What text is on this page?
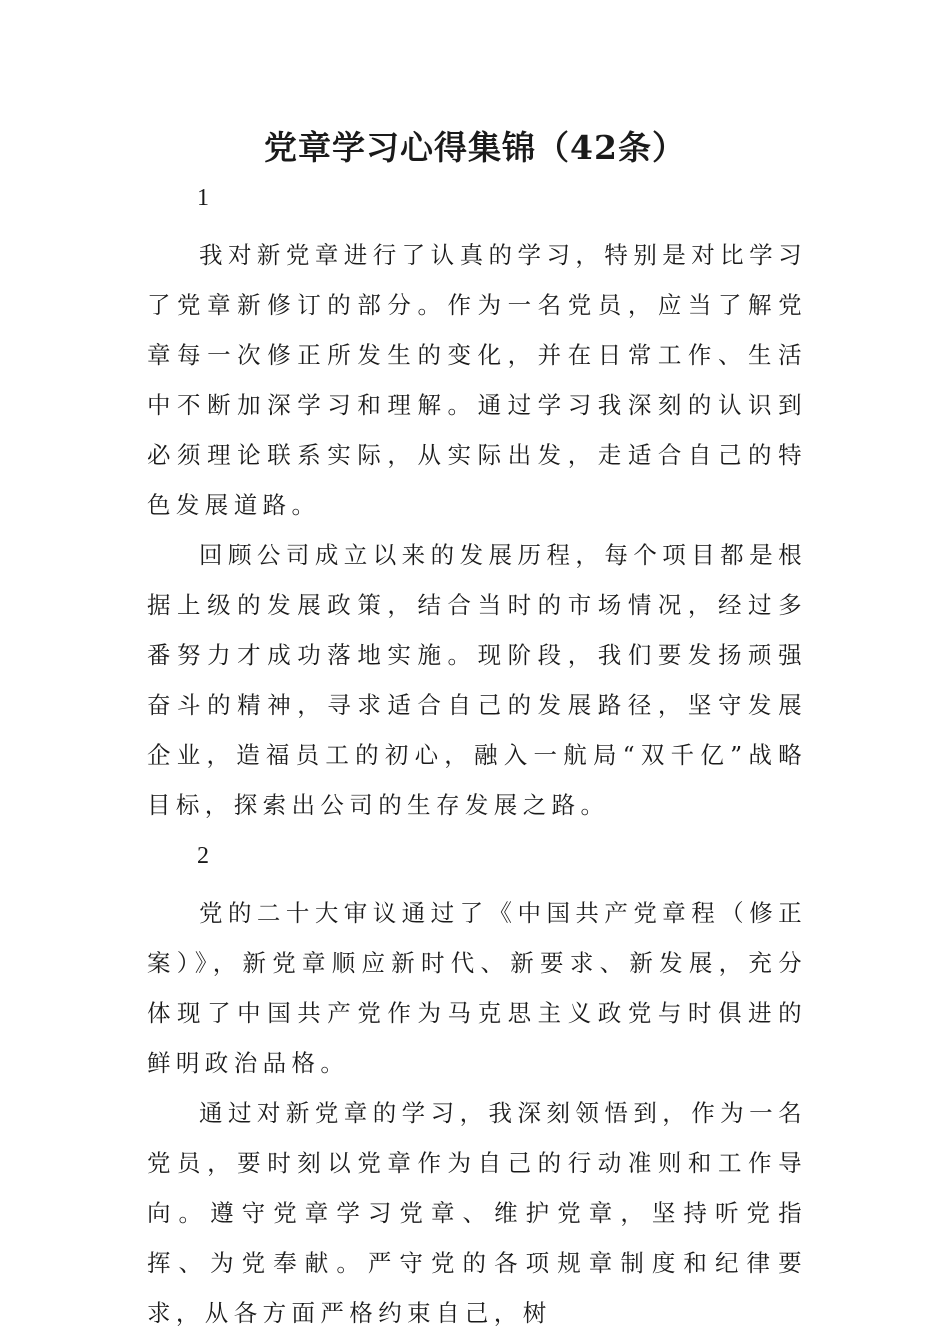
党章学习心得集锦（42条）
1

我对新党章进行了认真的学习，特别是对比学习了党章新修订的部分。作为一名党员，应当了解党章每一次修正所发生的变化，并在日常工作、生活中不断加深学习和理解。通过学习我深刻的认识到必须理论联系实际，从实际出发，走适合自己的特色发展道路。

回顾公司成立以来的发展历程，每个项目都是根据上级的发展政策，结合当时的市场情况，经过多番努力才成功落地实施。现阶段，我们要发扬顽强奋斗的精神，寻求适合自己的发展路径，坚守发展企业，造福员工的初心，融入一航局“双千亿”战略目标，探索出公司的生存发展之路。

2

党的二十大审议通过了《中国共产党章程（修正案）》，新党章顺应新时代、新要求、新发展，充分体现了中国共产党作为马克思主义政党与时俱进的鲜明政治品格。

通过对新党章的学习，我深刻领悟到，作为一名党员，要时刻以党章作为自己的行动准则和工作导向。遵守党章学习党章、维护党章，坚持听党指挥、为党奉献。严守党的各项规章制度和纪律要求，从各方面严格约束自己，树
